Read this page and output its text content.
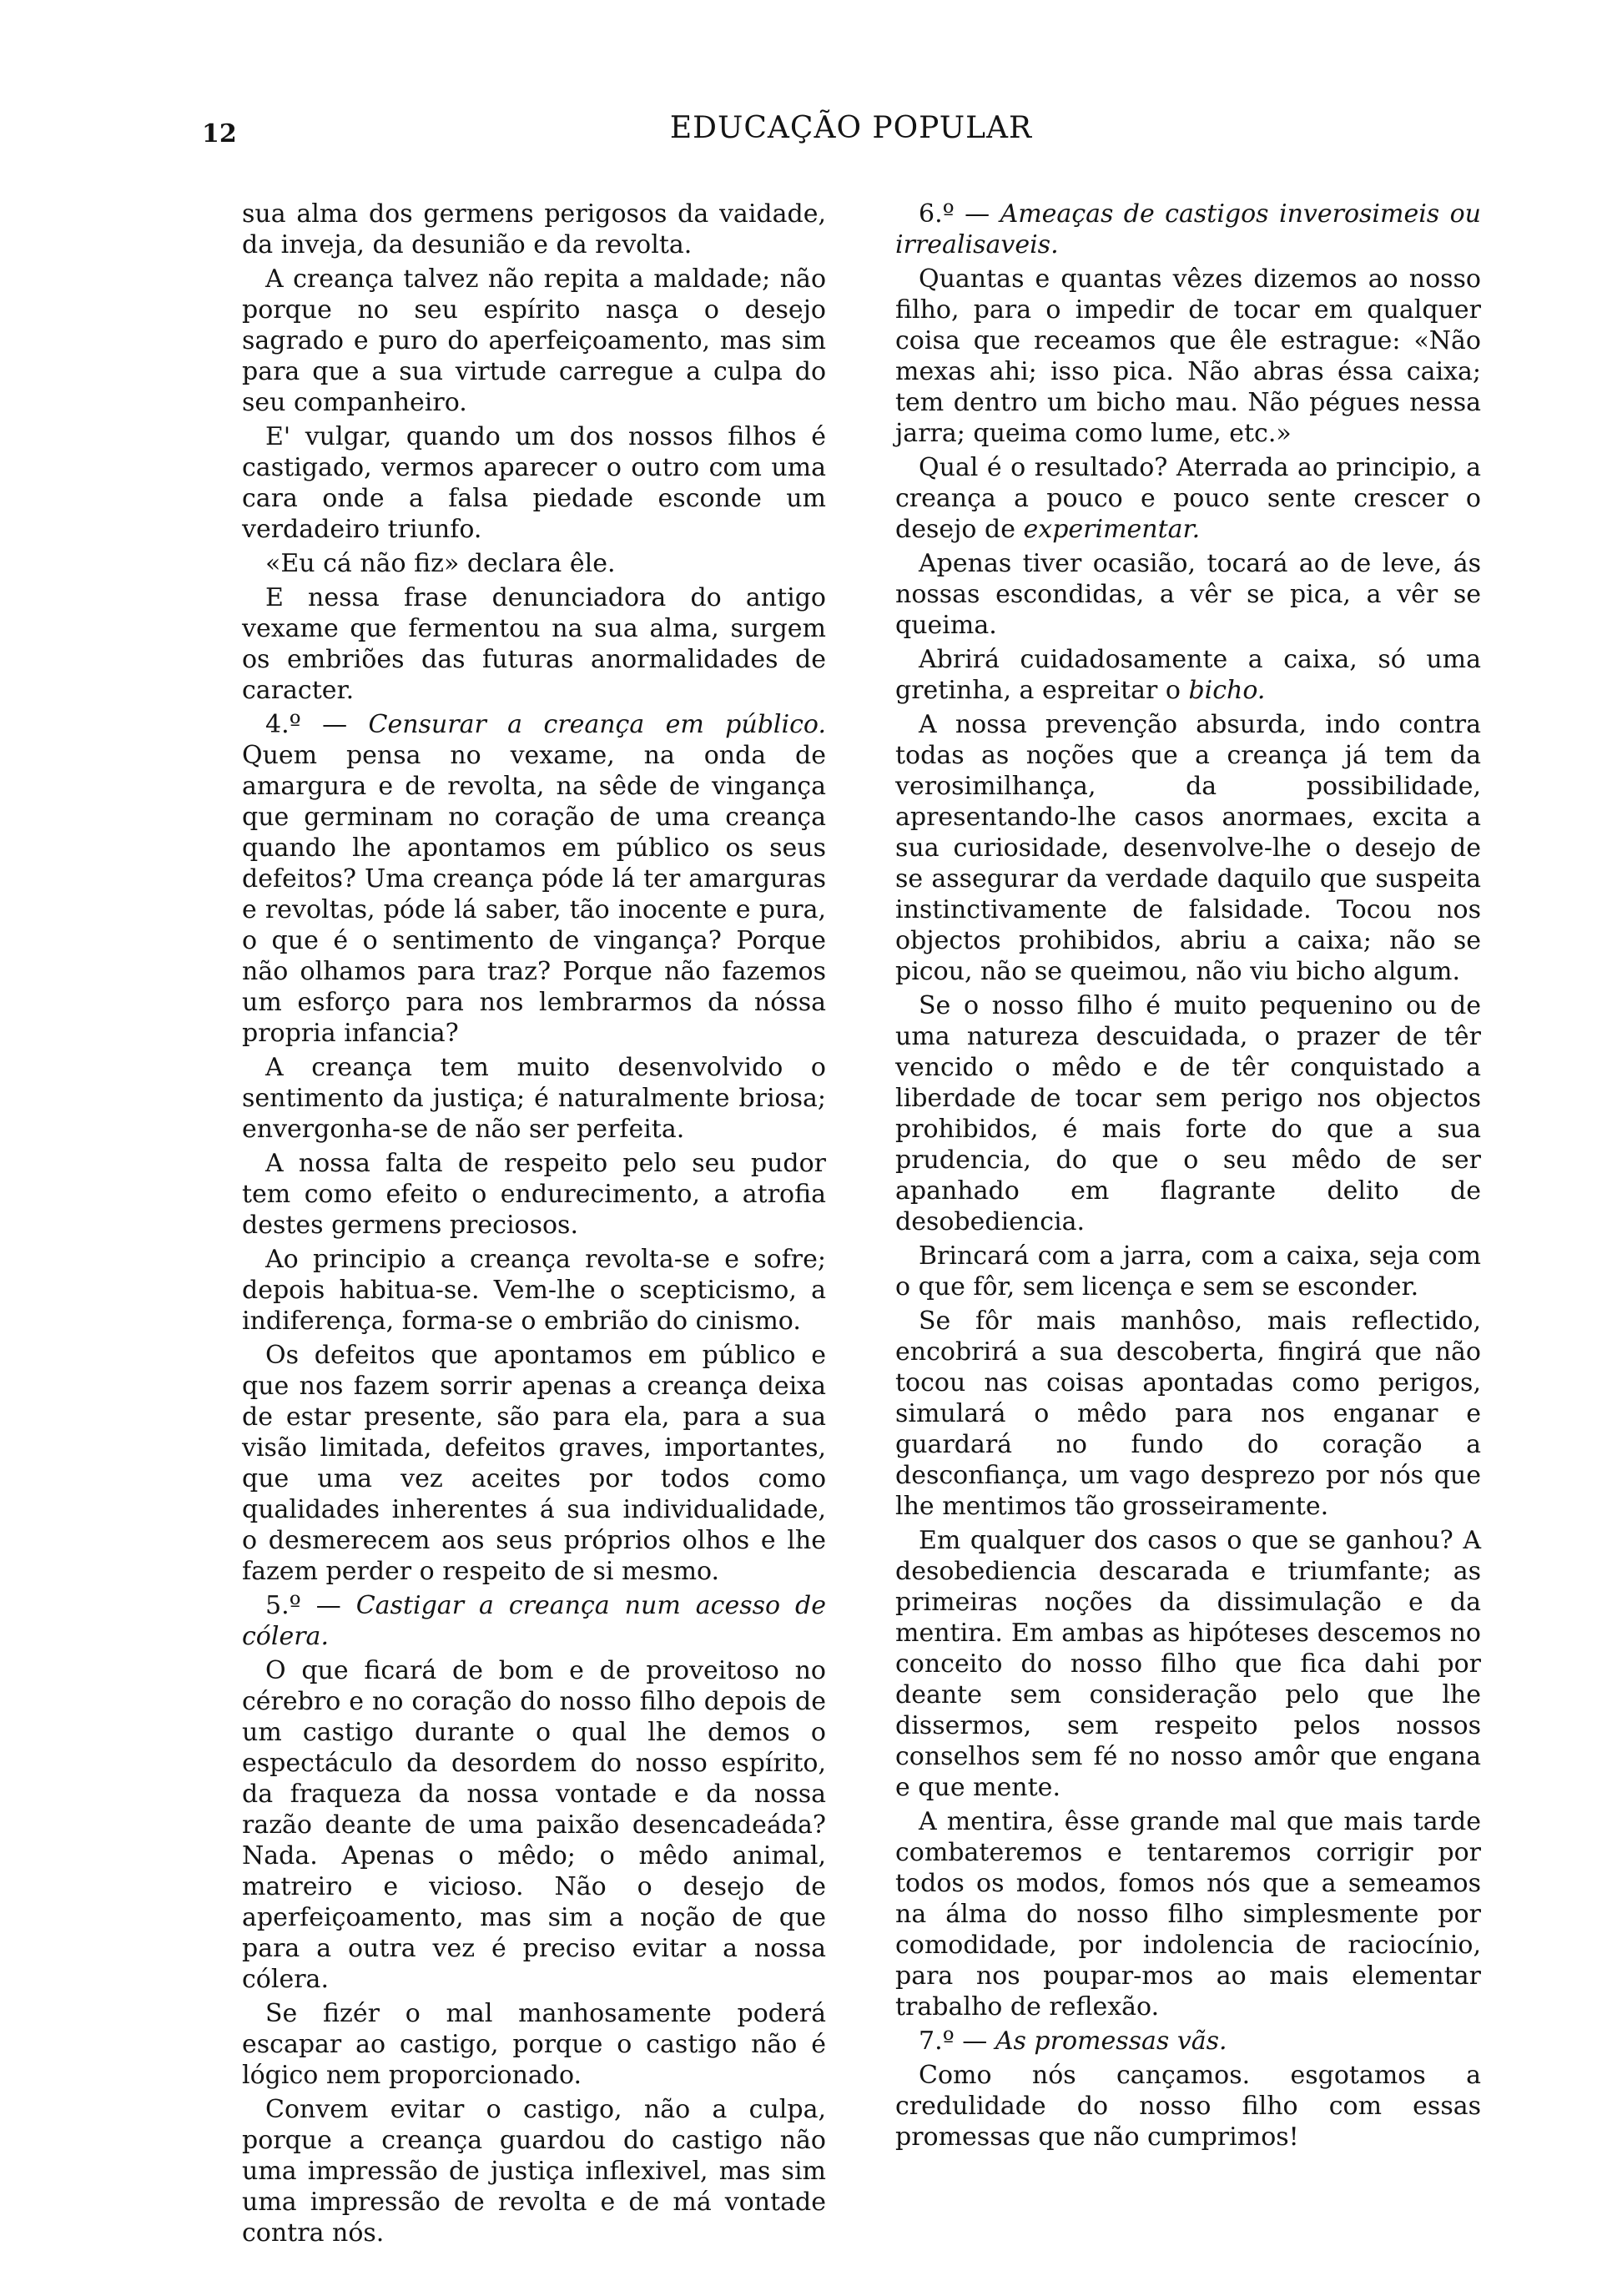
12	EDUCAÇÃO POPULAR

sua alma dos germens perigosos da vaidade, da inveja, da desunião e da revolta.

A creança talvez não repita a maldade; não porque no seu espírito nasça o desejo sagrado e puro do aperfeiçoamento, mas sim para que a sua virtude carregue a culpa do seu companheiro.

E' vulgar, quando um dos nossos filhos é castigado, vermos aparecer o outro com uma cara onde a falsa piedade esconde um verdadeiro triunfo.

«Eu cá não fiz» declara êle.

E nessa frase denunciadora do antigo vexame que fermentou na sua alma, surgem os embriões das futuras anormalidades de caracter.

4.º — Censurar a creança em público. Quem pensa no vexame, na onda de amargura e de revolta, na sêde de vingança que germinam no coração de uma creança quando lhe apontamos em público os seus defeitos? Uma creança póde lá ter amarguras e revoltas, póde lá saber, tão inocente e pura, o que é o sentimento de vingança? Porque não olhamos para traz? Porque não fazemos um esforço para nos lembrarmos da nóssa propria infancia?

A creança tem muito desenvolvido o sentimento da justiça; é naturalmente briosa; envergonha-se de não ser perfeita.

A nossa falta de respeito pelo seu pudor tem como efeito o endurecimento, a atrofia destes germens preciosos.

Ao principio a creança revolta-se e sofre; depois habitua-se. Vem-lhe o scepticismo, a indiferença, forma-se o embrião do cinismo.

Os defeitos que apontamos em público e que nos fazem sorrir apenas a creança deixa de estar presente, são para ela, para a sua visão limitada, defeitos graves, importantes, que uma vez aceites por todos como qualidades inherentes á sua individualidade, o desmerecem aos seus próprios olhos e lhe fazem perder o respeito de si mesmo.

5.º — Castigar a creança num acesso de cólera.

O que ficará de bom e de proveitoso no cérebro e no coração do nosso filho depois de um castigo durante o qual lhe demos o espectáculo da desordem do nosso espírito, da fraqueza da nossa vontade e da nossa razão deante de uma paixão desencadeáda? Nada. Apenas o mêdo; o mêdo animal, matreiro e vicioso. Não o desejo de aperfeiçoamento, mas sim a noção de que para a outra vez é preciso evitar a nossa cólera.

Se fizér o mal manhosamente poderá escapar ao castigo, porque o castigo não é lógico nem proporcionado.

Convem evitar o castigo, não a culpa, porque a creança guardou do castigo não uma impressão de justiça inflexivel, mas sim uma impressão de revolta e de má vontade contra nós.

6.º — Ameaças de castigos inverosimeis ou irrealisaveis.

Quantas e quantas vêzes dizemos ao nosso filho, para o impedir de tocar em qualquer coisa que receamos que êle estrague: «Não mexas ahi; isso pica. Não abras éssa caixa; tem dentro um bicho mau. Não pégues nessa jarra; queima como lume, etc.»

Qual é o resultado? Aterrada ao principio, a creança a pouco e pouco sente crescer o desejo de experimentar.

Apenas tiver ocasião, tocará ao de leve, ás nossas escondidas, a vêr se pica, a vêr se queima.

Abrirá cuidadosamente a caixa, só uma gretinha, a espreitar o bicho.

A nossa prevenção absurda, indo contra todas as noções que a creança já tem da verosimilhança, da possibilidade, apresentando-lhe casos anormaes, excita a sua curiosidade, desenvolve-lhe o desejo de se assegurar da verdade daquilo que suspeita instinctivamente de falsidade. Tocou nos objectos prohibidos, abriu a caixa; não se picou, não se queimou, não viu bicho algum.

Se o nosso filho é muito pequenino ou de uma natureza descuidada, o prazer de têr vencido o mêdo e de têr conquistado a liberdade de tocar sem perigo nos objectos prohibidos, é mais forte do que a sua prudencia, do que o seu mêdo de ser apanhado em flagrante delito de desobediencia.

Brincará com a jarra, com a caixa, seja com o que fôr, sem licença e sem se esconder.

Se fôr mais manhôso, mais reflectido, encobrirá a sua descoberta, fingirá que não tocou nas coisas apontadas como perigos, simulará o mêdo para nos enganar e guardará no fundo do coração a desconfiança, um vago desprezo por nós que lhe mentimos tão grosseiramente.

Em qualquer dos casos o que se ganhou? A desobediencia descarada e triumfante; as primeiras noções da dissimulação e da mentira. Em ambas as hipóteses descemos no conceito do nosso filho que fica dahi por deante sem consideração pelo que lhe dissermos, sem respeito pelos nossos conselhos sem fé no nosso amôr que engana e que mente.

A mentira, êsse grande mal que mais tarde combateremos e tentaremos corrigir por todos os modos, fomos nós que a semeamos na álma do nosso filho simplesmente por comodidade, por indolencia de raciocínio, para nos poupar-mos ao mais elementar trabalho de reflexão.

7.º — As promessas vãs.

Como nós cançamos. esgotamos a credulidade do nosso filho com essas promessas que não cumprimos!
